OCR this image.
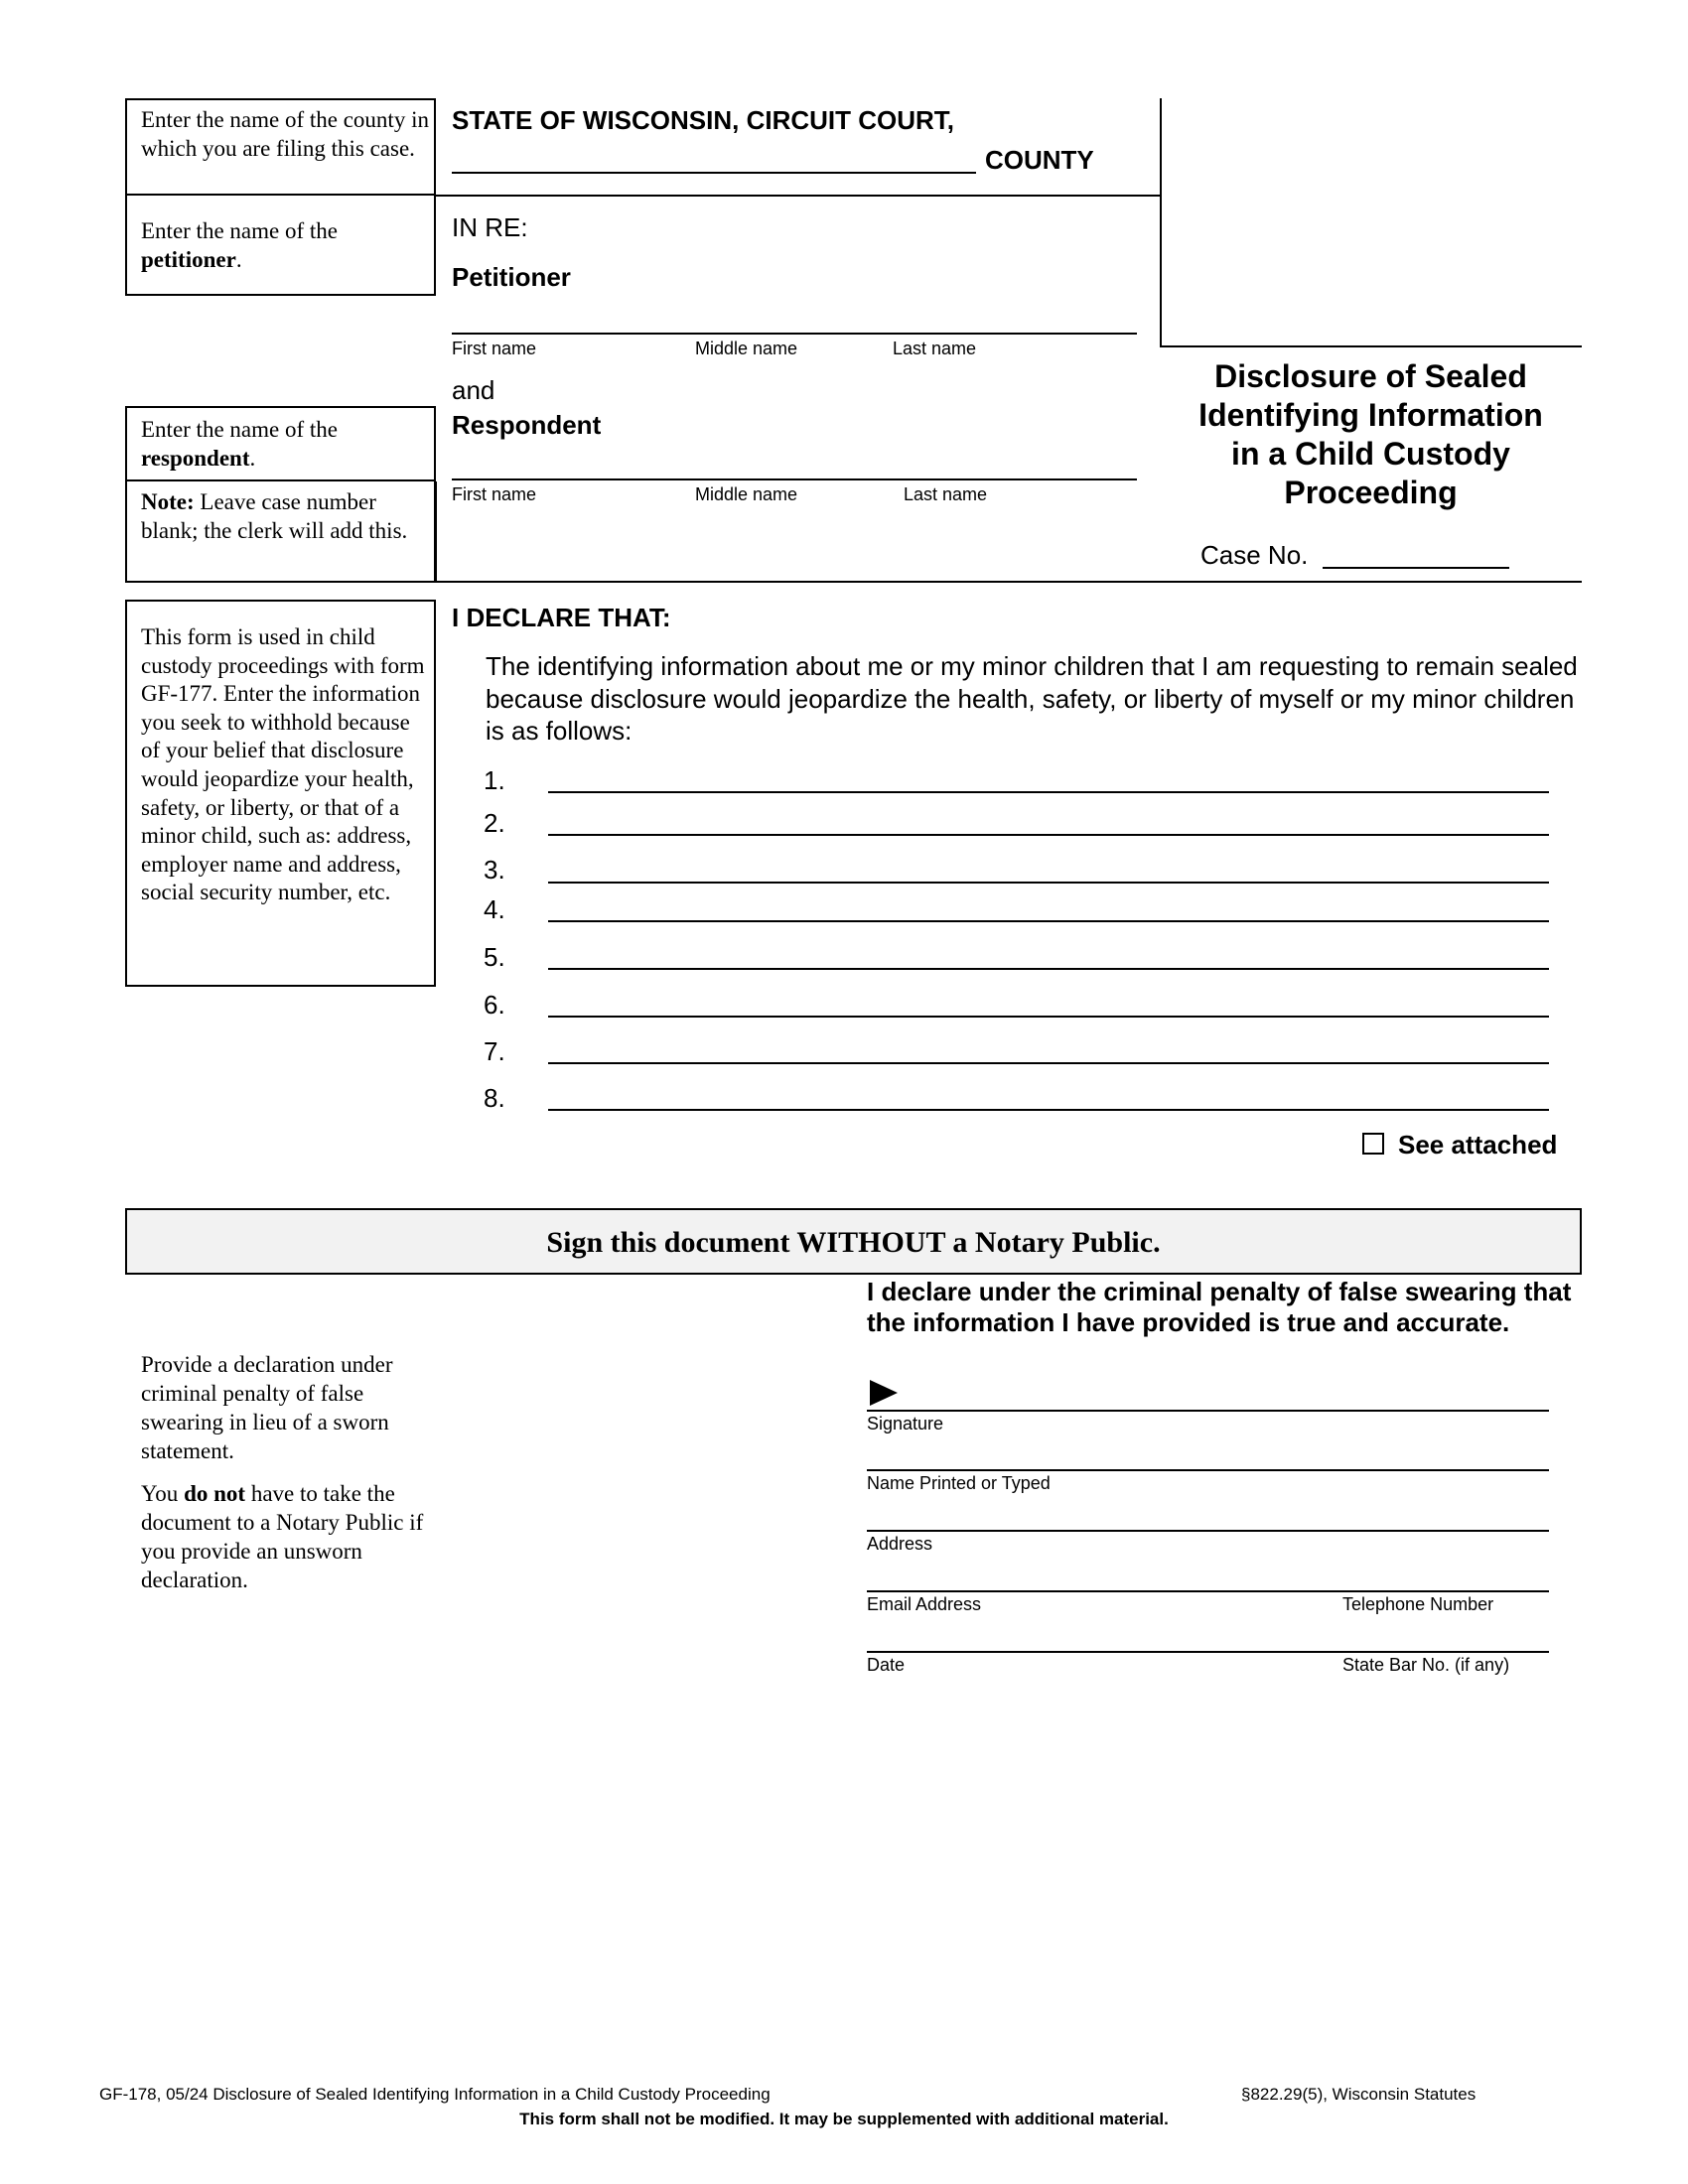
Enter the name of the county in which you are filing this case.
Enter the name of the petitioner.
Enter the name of the respondent.
Note: Leave case number blank; the clerk will add this.
This form is used in child custody proceedings with form GF-177. Enter the information you seek to withhold because of your belief that disclosure would jeopardize your health, safety, or liberty, or that of a minor child, such as: address, employer name and address, social security number, etc.
STATE OF WISCONSIN, CIRCUIT COURT,
COUNTY
IN RE:
Petitioner
First name	Middle name	Last name
and
Respondent
First name	Middle name	Last name
Disclosure of Sealed
Identifying Information
in a Child Custody
Proceeding
Case No.
I DECLARE THAT:
The identifying information about me or my minor children that I am requesting to remain sealed because disclosure would jeopardize the health, safety, or liberty of myself or my minor children is as follows:
1.
2.
3.
4.
5.
6.
7.
8.
See attached
Sign this document WITHOUT a Notary Public.
Provide a declaration under criminal penalty of false swearing in lieu of a sworn statement.
You do not have to take the document to a Notary Public if you provide an unsworn declaration.
I declare under the criminal penalty of false swearing that the information I have provided is true and accurate.
Signature
Name Printed or Typed
Address
Email Address	Telephone Number
Date	State Bar No. (if any)
GF-178, 05/24 Disclosure of Sealed Identifying Information in a Child Custody Proceeding	§822.29(5), Wisconsin Statutes
This form shall not be modified. It may be supplemented with additional material.
